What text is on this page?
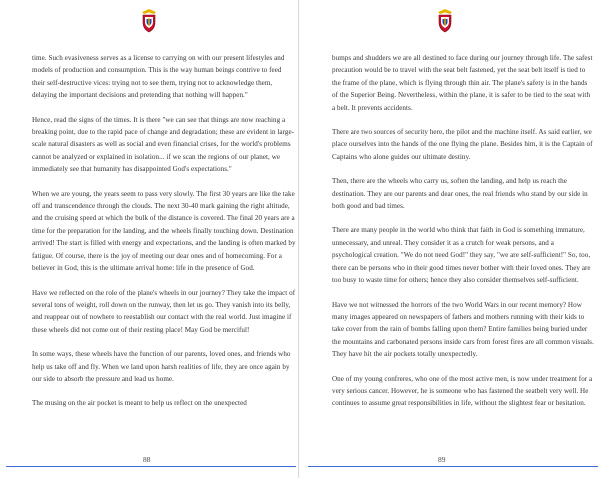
time. Such evasiveness serves as a license to carrying on with our present lifestyles and models of production and consumption. This is the way human beings contrive to feed their self-destructive vices: trying not to see them, trying not to acknowledge them, delaying the important decisions and pretending that nothing will happen."

Hence, read the signs of the times. It is there "we can see that things are now reaching a breaking point, due to the rapid pace of change and degradation; these are evident in large-scale natural disasters as well as social and even financial crises, for the world's problems cannot be analyzed or explained in isolation... if we scan the regions of our planet, we immediately see that humanity has disappointed God's expectations."

When we are young, the years seem to pass very slowly. The first 30 years are like the take off and transcendence through the clouds. The next 30-40 mark gaining the right altitude, and the cruising speed at which the bulk of the distance is covered. The final 20 years are a time for the preparation for the landing, and the wheels finally touching down. Destination arrived! The start is filled with energy and expectations, and the landing is often marked by fatigue. Of course, there is the joy of meeting our dear ones and of homecoming. For a believer in God, this is the ultimate arrival home: life in the presence of God.

Have we reflected on the role of the plane's wheels in our journey? They take the impact of several tons of weight, roll down on the runway, then let us go. They vanish into its belly, and reappear out of nowhere to reestablish our contact with the real world. Just imagine if these wheels did not come out of their resting place! May God be merciful!

In some ways, these wheels have the function of our parents, loved ones, and friends who help us take off and fly. When we land upon harsh realities of life, they are once again by our side to absorb the pressure and lead us home.

The musing on the air pocket is meant to help us reflect on the unexpected

88

bumps and shudders we are all destined to face during our journey through life. The safest precaution would be to travel with the seat belt fastened, yet the seat belt itself is tied to the frame of the plane, which is flying through thin air. The plane's safety is in the hands of the Superior Being. Nevertheless, within the plane, it is safer to be tied to the seat with a belt. It prevents accidents.

There are two sources of security here, the pilot and the machine itself. As said earlier, we place ourselves into the hands of the one flying the plane. Besides him, it is the Captain of Captains who alone guides our ultimate destiny.

Then, there are the wheels who carry us, soften the landing, and help us reach the destination. They are our parents and dear ones, the real friends who stand by our side in both good and bad times.

There are many people in the world who think that faith in God is something immature, unnecessary, and unreal. They consider it as a crutch for weak persons, and a psychological creation. "We do not need God!" they say, "we are self-sufficient!" So, too, there can be persons who in their good times never bother with their loved ones. They are too busy to waste time for others; hence they also consider themselves self-sufficient.

Have we not witnessed the horrors of the two World Wars in our recent memory? How many images appeared on newspapers of fathers and mothers running with their kids to take cover from the rain of bombs falling upon them? Entire families being buried under the mountains and carbonated persons inside cars from forest fires are all common visuals. They have hit the air pockets totally unexpectedly.

One of my young confreres, who one of the most active men, is now under treatment for a very serious cancer. However, he is someone who has fastened the seatbelt very well. He continues to assume great responsibilities in life, without the slightest fear or hesitation.

89
